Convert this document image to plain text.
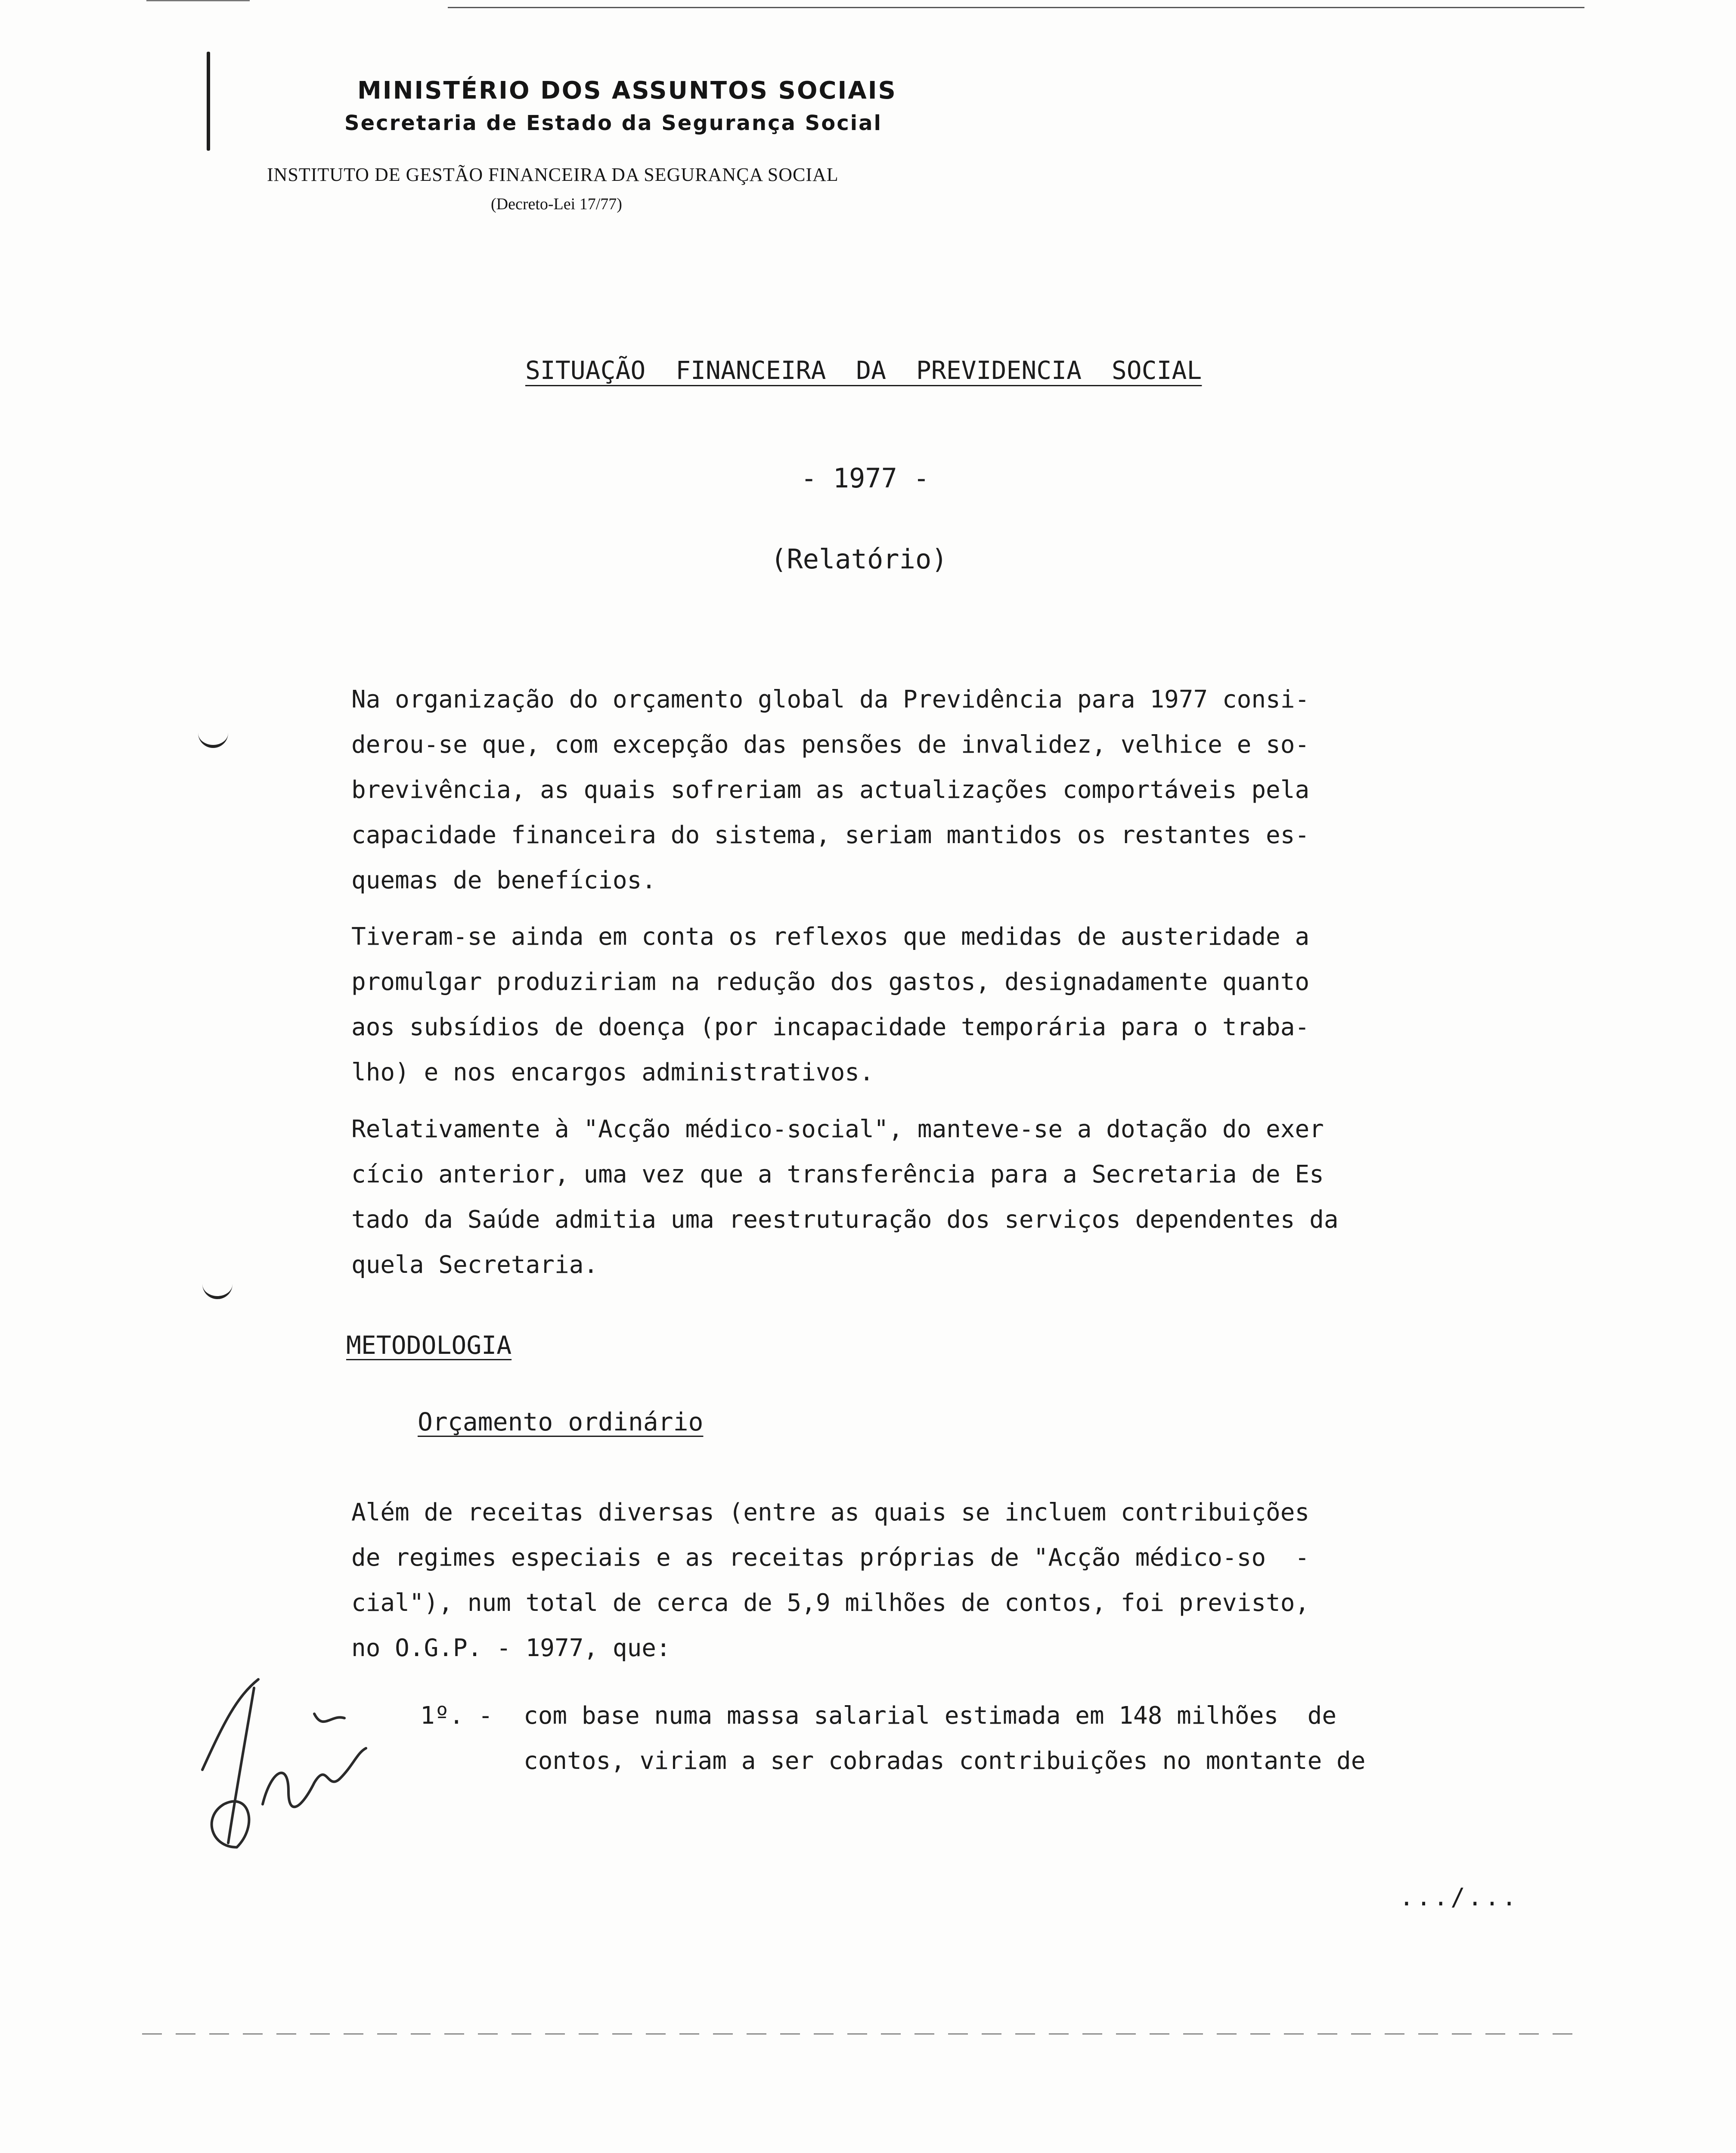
MINISTÉRIO DOS ASSUNTOS SOCIAIS
Secretaria de Estado da Segurança Social
INSTITUTO DE GESTÃO FINANCEIRA DA SEGURANÇA SOCIAL
(Decreto-Lei 17/77)
SITUAÇÃO  FINANCEIRA  DA  PREVIDENCIA  SOCIAL
- 1977 -
(Relatório)

Na organização do orçamento global da Previdência para 1977 consi-
derou-se que, com excepção das pensões de invalidez, velhice e so-
brevivência, as quais sofreriam as actualizações comportáveis pela
capacidade financeira do sistema, seriam mantidos os restantes es-
quemas de benefícios.

Tiveram-se ainda em conta os reflexos que medidas de austeridade a
promulgar produziriam na redução dos gastos, designadamente quanto
aos subsídios de doença (por incapacidade temporária para o traba-
lho) e nos encargos administrativos.

Relativamente à "Acção médico-social", manteve-se a dotação do exer
cício anterior, uma vez que a transferência para a Secretaria de Es
tado da Saúde admitia uma reestruturação dos serviços dependentes da
quela Secretaria.

METODOLOGIA
Orçamento ordinário

Além de receitas diversas (entre as quais se incluem contribuições
de regimes especiais e as receitas próprias de "Acção médico-so  -
cial"), num total de cerca de 5,9 milhões de contos, foi previsto,
no O.G.P. - 1977, que:

1º. - com base numa massa salarial estimada em 148 milhões  de
contos, viriam a ser cobradas contribuições no montante de
.../...
